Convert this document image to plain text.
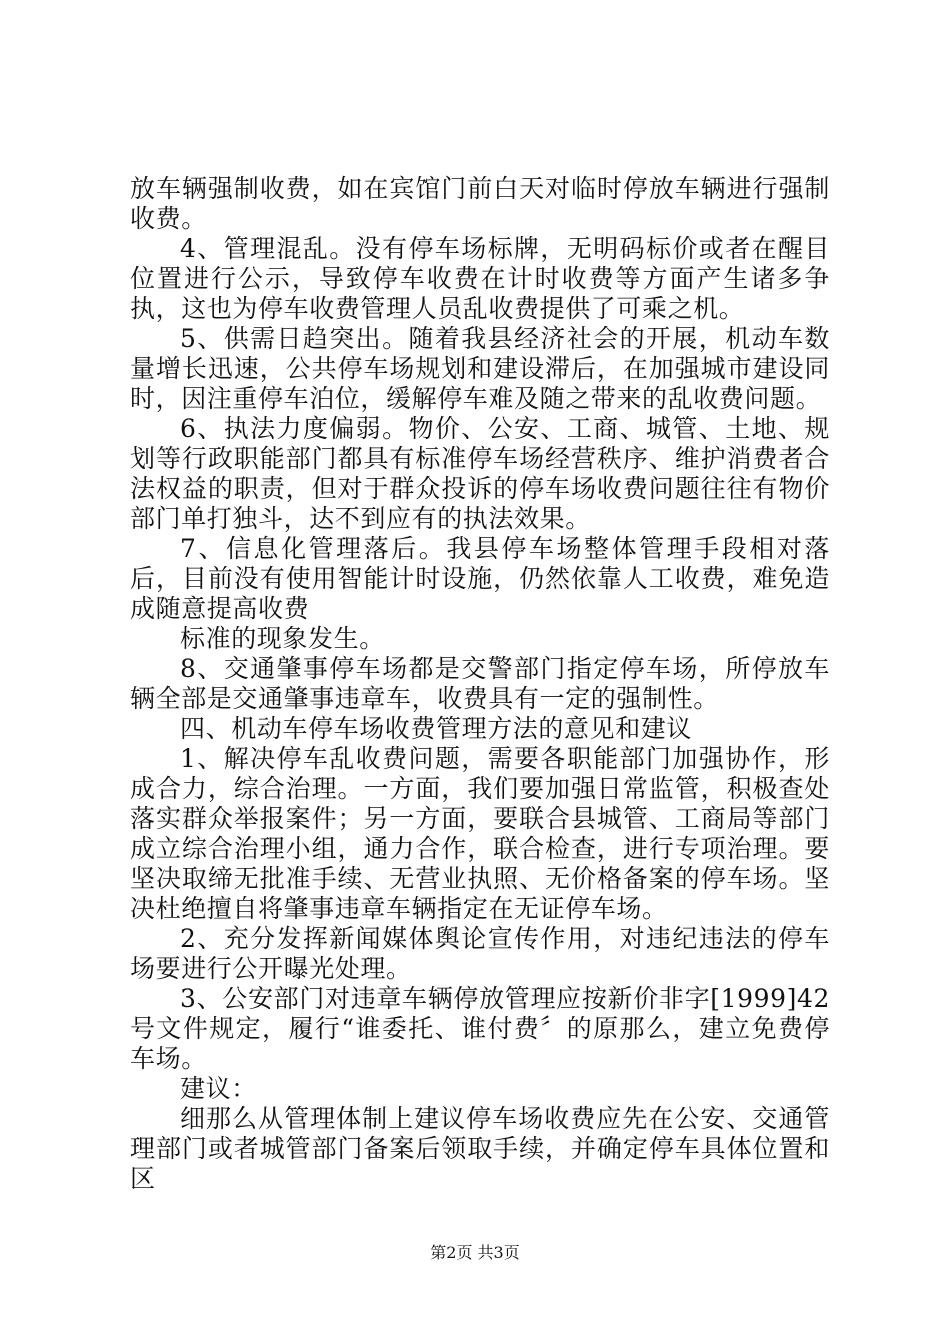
放车辆强制收费，如在宾馆门前白天对临时停放车辆进行强制收费。

4、管理混乱。没有停车场标牌，无明码标价或者在醒目位置进行公示，导致停车收费在计时收费等方面产生诸多争执，这也为停车收费管理人员乱收费提供了可乘之机。

5、供需日趋突出。随着我县经济社会的开展，机动车数量增长迅速，公共停车场规划和建设滞后，在加强城市建设同时，因注重停车泊位，缓解停车难及随之带来的乱收费问题。

6、执法力度偏弱。物价、公安、工商、城管、土地、规划等行政职能部门都具有标准停车场经营秩序、维护消费者合法权益的职责，但对于群众投诉的停车场收费问题往往有物价部门单打独斗，达不到应有的执法效果。

7、信息化管理落后。我县停车场整体管理手段相对落后，目前没有使用智能计时设施，仍然依靠人工收费，难免造成随意提高收费

标准的现象发生。

8、交通肇事停车场都是交警部门指定停车场，所停放车辆全部是交通肇事违章车，收费具有一定的强制性。

四、机动车停车场收费管理方法的意见和建议

1、解决停车乱收费问题，需要各职能部门加强协作，形成合力，综合治理。一方面，我们要加强日常监管，积极查处落实群众举报案件；另一方面，要联合县城管、工商局等部门成立综合治理小组，通力合作，联合检查，进行专项治理。要坚决取缔无批准手续、无营业执照、无价格备案的停车场。坚决杜绝擅自将肇事违章车辆指定在无证停车场。

2、充分发挥新闻媒体舆论宣传作用，对违纪违法的停车场要进行公开曝光处理。

3、公安部门对违章车辆停放管理应按新价非字[1999]42号文件规定，履行“谁委托、谁付费〞的原那么，建立免费停车场。

建议：

细那么从管理体制上建议停车场收费应先在公安、交通管理部门或者城管部门备案后领取手续，并确定停车具体位置和区

第2页 共3页
